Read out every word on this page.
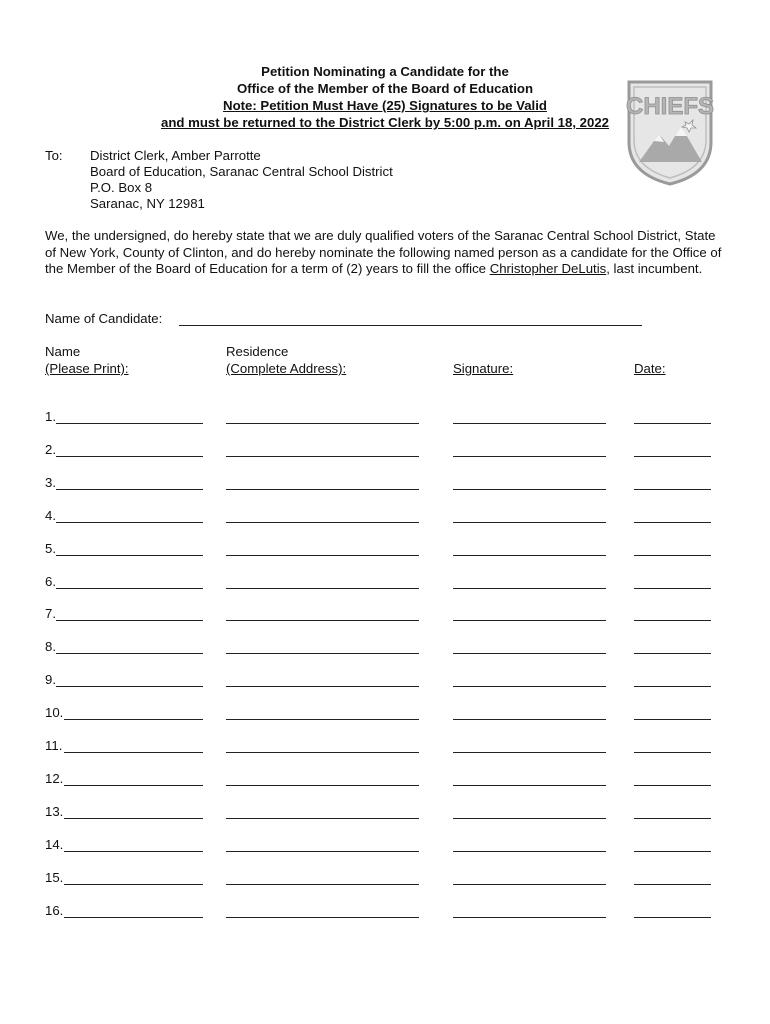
Petition Nominating a Candidate for the
Office of the Member of the Board of Education
Note: Petition Must Have (25) Signatures to be Valid
and must be returned to the District Clerk by 5:00 p.m. on April 18, 2022
CHIEFS
To: District Clerk, Amber Parrotte
Board of Education, Saranac Central School District
P.O. Box 8
Saranac, NY 12981
We, the undersigned, do hereby state that we are duly qualified voters of the Saranac Central School District, State of New York, County of Clinton, and do hereby nominate the following named person as a candidate for the Office of the Member of the Board of Education for a term of (2) years to fill the office Christopher DeLutis, last incumbent.
Name of Candidate:
Name
(Please Print):
Residence
(Complete Address):	Signature:	Date:
1.
2.
3.
4.
5.
6.
7.
8.
9.
10.
11.
12.
13.
14.
15.
16.
